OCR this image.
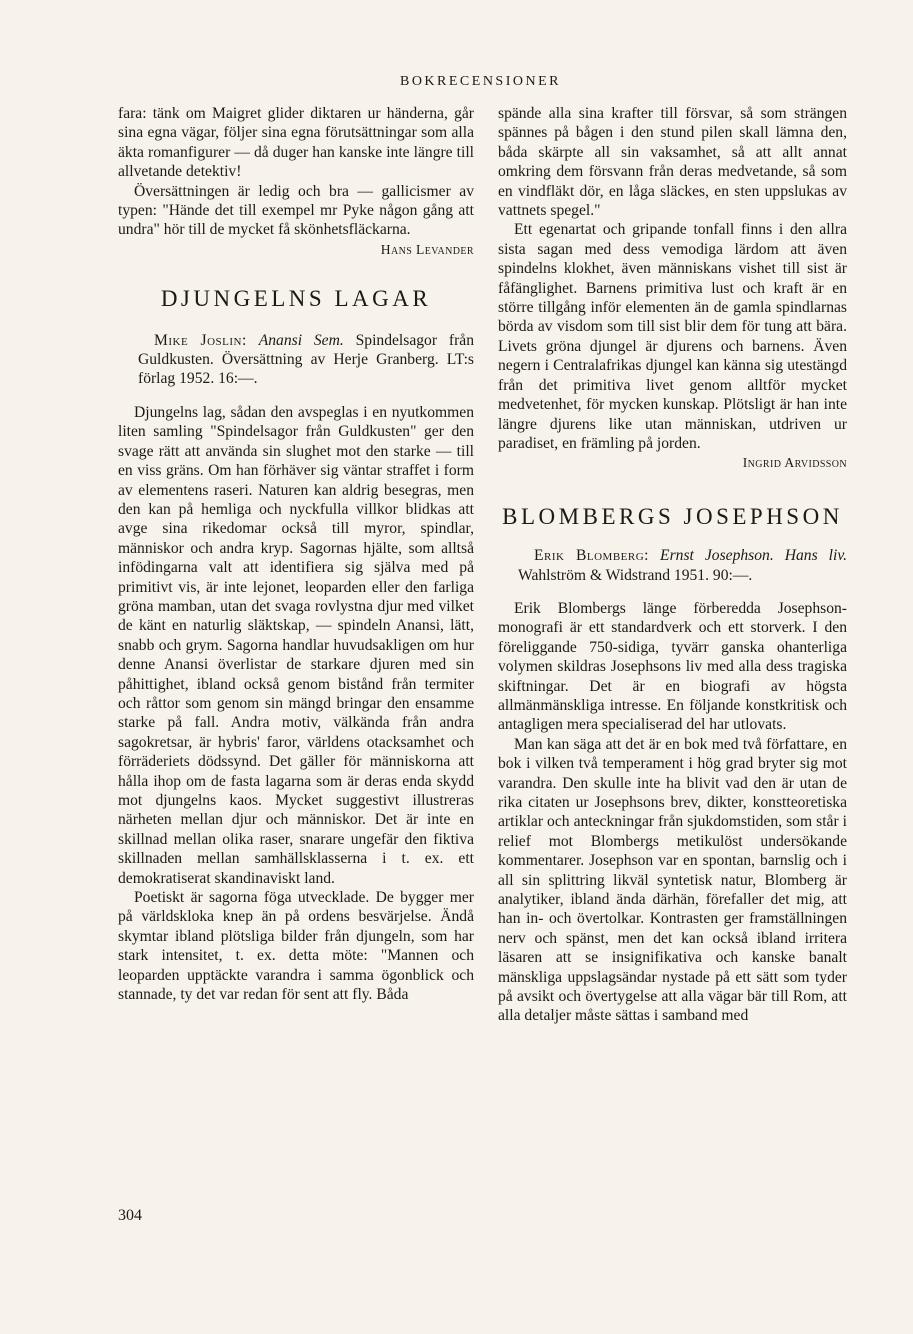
BOKRECENSIONER

fara: tänk om Maigret glider diktaren ur händerna, går sina egna vägar, följer sina egna förutsättningar som alla äkta romanfigurer — då duger han kanske inte längre till allvetande detektiv!

Översättningen är ledig och bra — gallicismer av typen: "Hände det till exempel mr Pyke någon gång att undra" hör till de mycket få skönhetsfläckarna.

Hans Levander

DJUNGELNS LAGAR

Mike Joslin: Anansi Sem. Spindelsagor från Guldkusten. Översättning av Herje Granberg. LT:s förlag 1952. 16:—.

Djungelns lag, sådan den avspeglas i en nyutkommen liten samling "Spindelsagor från Guldkusten" ger den svage rätt att använda sin slughet mot den starke — till en viss gräns. Om han förhäver sig väntar straffet i form av elementens raseri. Naturen kan aldrig besegras, men den kan på hemliga och nyckfulla villkor blidkas att avge sina rikedomar också till myror, spindlar, människor och andra kryp. Sagornas hjälte, som alltså infödingarna valt att identifiera sig själva med på primitivt vis, är inte lejonet, leoparden eller den farliga gröna mamban, utan det svaga rovlystna djur med vilket de känt en naturlig släktskap, — spindeln Anansi, lätt, snabb och grym. Sagorna handlar huvudsakligen om hur denne Anansi överlistar de starkare djuren med sin påhittighet, ibland också genom bistånd från termiter och råttor som genom sin mängd bringar den ensamme starke på fall. Andra motiv, välkända från andra sagokretsar, är hybris' faror, världens otacksamhet och förräderiets dödssynd. Det gäller för människorna att hålla ihop om de fasta lagarna som är deras enda skydd mot djungelns kaos. Mycket suggestivt illustreras närheten mellan djur och människor. Det är inte en skillnad mellan olika raser, snarare ungefär den fiktiva skillnaden mellan samhällsklasserna i t. ex. ett demokratiserat skandinaviskt land.

Poetiskt är sagorna föga utvecklade. De bygger mer på världskloka knep än på ordens besvärjelse. Ändå skymtar ibland plötsliga bilder från djungeln, som har stark intensitet, t. ex. detta möte: "Mannen och leoparden upptäckte varandra i samma ögonblick och stannade, ty det var redan för sent att fly. Båda

spände alla sina krafter till försvar, så som strängen spännes på bågen i den stund pilen skall lämna den, båda skärpte all sin vaksamhet, så att allt annat omkring dem försvann från deras medvetande, så som en vindfläkt dör, en låga släckes, en sten uppslukas av vattnets spegel."

Ett egenartat och gripande tonfall finns i den allra sista sagan med dess vemodiga lärdom att även spindelns klokhet, även människans vishet till sist är fåfänglighet. Barnens primitiva lust och kraft är en större tillgång inför elementen än de gamla spindlarnas börda av visdom som till sist blir dem för tung att bära. Livets gröna djungel är djurens och barnens. Även negern i Centralafrikas djungel kan känna sig utestängd från det primitiva livet genom alltför mycket medvetenhet, för mycken kunskap. Plötsligt är han inte längre djurens like utan människan, utdriven ur paradiset, en främling på jorden.

Ingrid Arvidsson

BLOMBERGS JOSEPHSON

Erik Blomberg: Ernst Josephson. Hans liv. Wahlström & Widstrand 1951. 90:—.

Erik Blombergs länge förberedda Josephson-monografi är ett standardverk och ett storverk. I den föreliggande 750-sidiga, tyvärr ganska ohanterliga volymen skildras Josephsons liv med alla dess tragiska skiftningar. Det är en biografi av högsta allmänmänskliga intresse. En följande konstkritisk och antagligen mera specialiserad del har utlovats.

Man kan säga att det är en bok med två författare, en bok i vilken två temperament i hög grad bryter sig mot varandra. Den skulle inte ha blivit vad den är utan de rika citaten ur Josephsons brev, dikter, konstteoretiska artiklar och anteckningar från sjukdomstiden, som står i relief mot Blombergs metikulöst undersökande kommentarer. Josephson var en spontan, barnslig och i all sin splittring likväl syntetisk natur, Blomberg är analytiker, ibland ända därhän, förefaller det mig, att han in- och övertolkar. Kontrasten ger framställningen nerv och spänst, men det kan också ibland irritera läsaren att se insignifikativa och kanske banalt mänskliga uppslagsändar nystade på ett sätt som tyder på avsikt och övertygelse att alla vägar bär till Rom, att alla detaljer måste sättas i samband med

304
